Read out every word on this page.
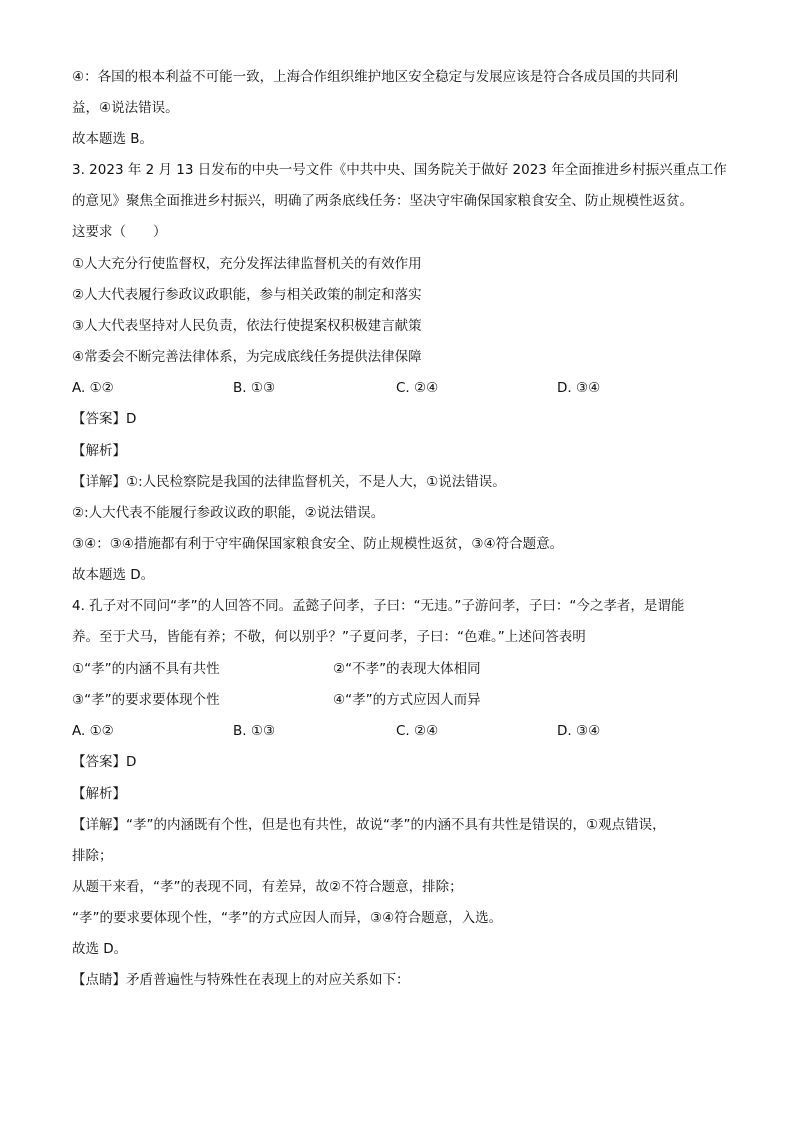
④：各国的根本利益不可能一致，上海合作组织维护地区安全稳定与发展应该是符合各成员国的共同利
益，④说法错误。
故本题选 B。
3. 2023 年 2 月 13 日发布的中央一号文件《中共中央、国务院关于做好 2023 年全面推进乡村振兴重点工作
的意见》聚焦全面推进乡村振兴，明确了两条底线任务：坚决守牢确保国家粮食安全、防止规模性返贫。
这要求（　　）
①人大充分行使监督权，充分发挥法律监督机关的有效作用
②人大代表履行参政议政职能，参与相关政策的制定和落实
③人大代表坚持对人民负责，依法行使提案权积极建言献策
④常委会不断完善法律体系，为完成底线任务提供法律保障
A. ①②	B. ①③	C. ②④	D. ③④
【答案】D
【解析】
【详解】①:人民检察院是我国的法律监督机关，不是人大，①说法错误。
②:人大代表不能履行参政议政的职能，②说法错误。
③④：③④措施都有利于守牢确保国家粮食安全、防止规模性返贫，③④符合题意。
故本题选 D。
4. 孔子对不同问“孝”的人回答不同。孟懿子问孝，子曰：“无违。”子游问孝，子曰：“今之孝者，是谓能
养。至于犬马，皆能有养；不敬，何以别乎？”子夏问孝，子曰：“色难。”上述问答表明
①“孝”的内涵不具有共性	②“不孝”的表现大体相同
③“孝”的要求要体现个性	④“孝”的方式应因人而异
A. ①②	B. ①③	C. ②④	D. ③④
【答案】D
【解析】
【详解】“孝”的内涵既有个性，但是也有共性，故说“孝”的内涵不具有共性是错误的，①观点错误，
排除；
从题干来看，“孝”的表现不同，有差异，故②不符合题意，排除；
“孝”的要求要体现个性，“孝”的方式应因人而异，③④符合题意，入选。
故选 D。
【点睛】矛盾普遍性与特殊性在表现上的对应关系如下：
